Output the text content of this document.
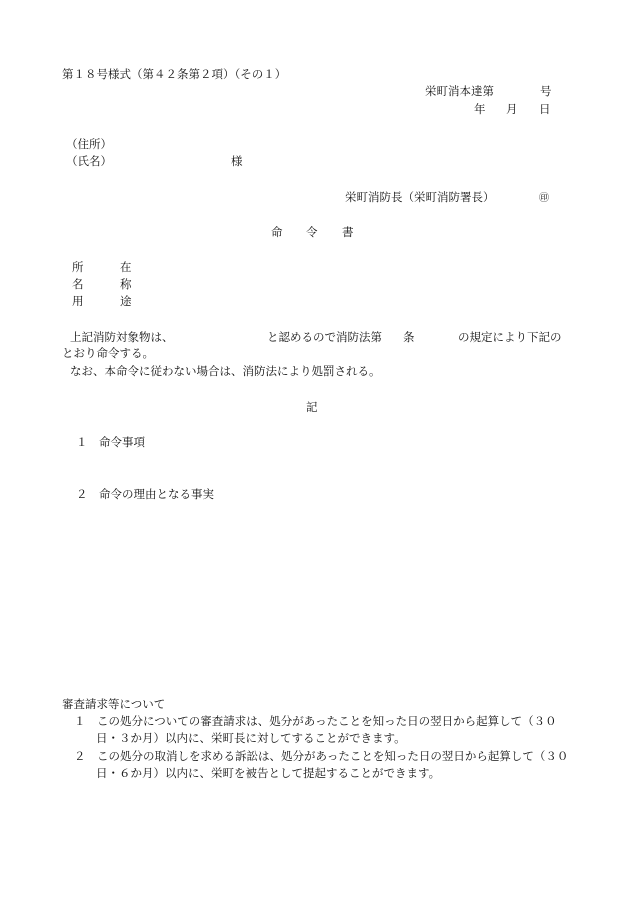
第１８号様式（第４２条第２項）（その１）
栄町消本達第	号
年 月 日
（住所）
（氏名）	様
栄町消防長（栄町消防署長）	㊞
命 令 書
所	在
名	称
用	途
上記消防対象物は、	と認めるので消防法第 条	の規定により下記の
とおり命令する。
なお、本命令に従わない場合は、消防法により処罰される。
記
１　命令事項
２　命令の理由となる事実
審査請求等について
１　この処分についての審査請求は、処分があったことを知った日の翌日から起算して（３０
日・３か月）以内に、栄町長に対してすることができます。
２　この処分の取消しを求める訴訟は、処分があったことを知った日の翌日から起算して（３０
日・６か月）以内に、栄町を被告として提起することができます。
